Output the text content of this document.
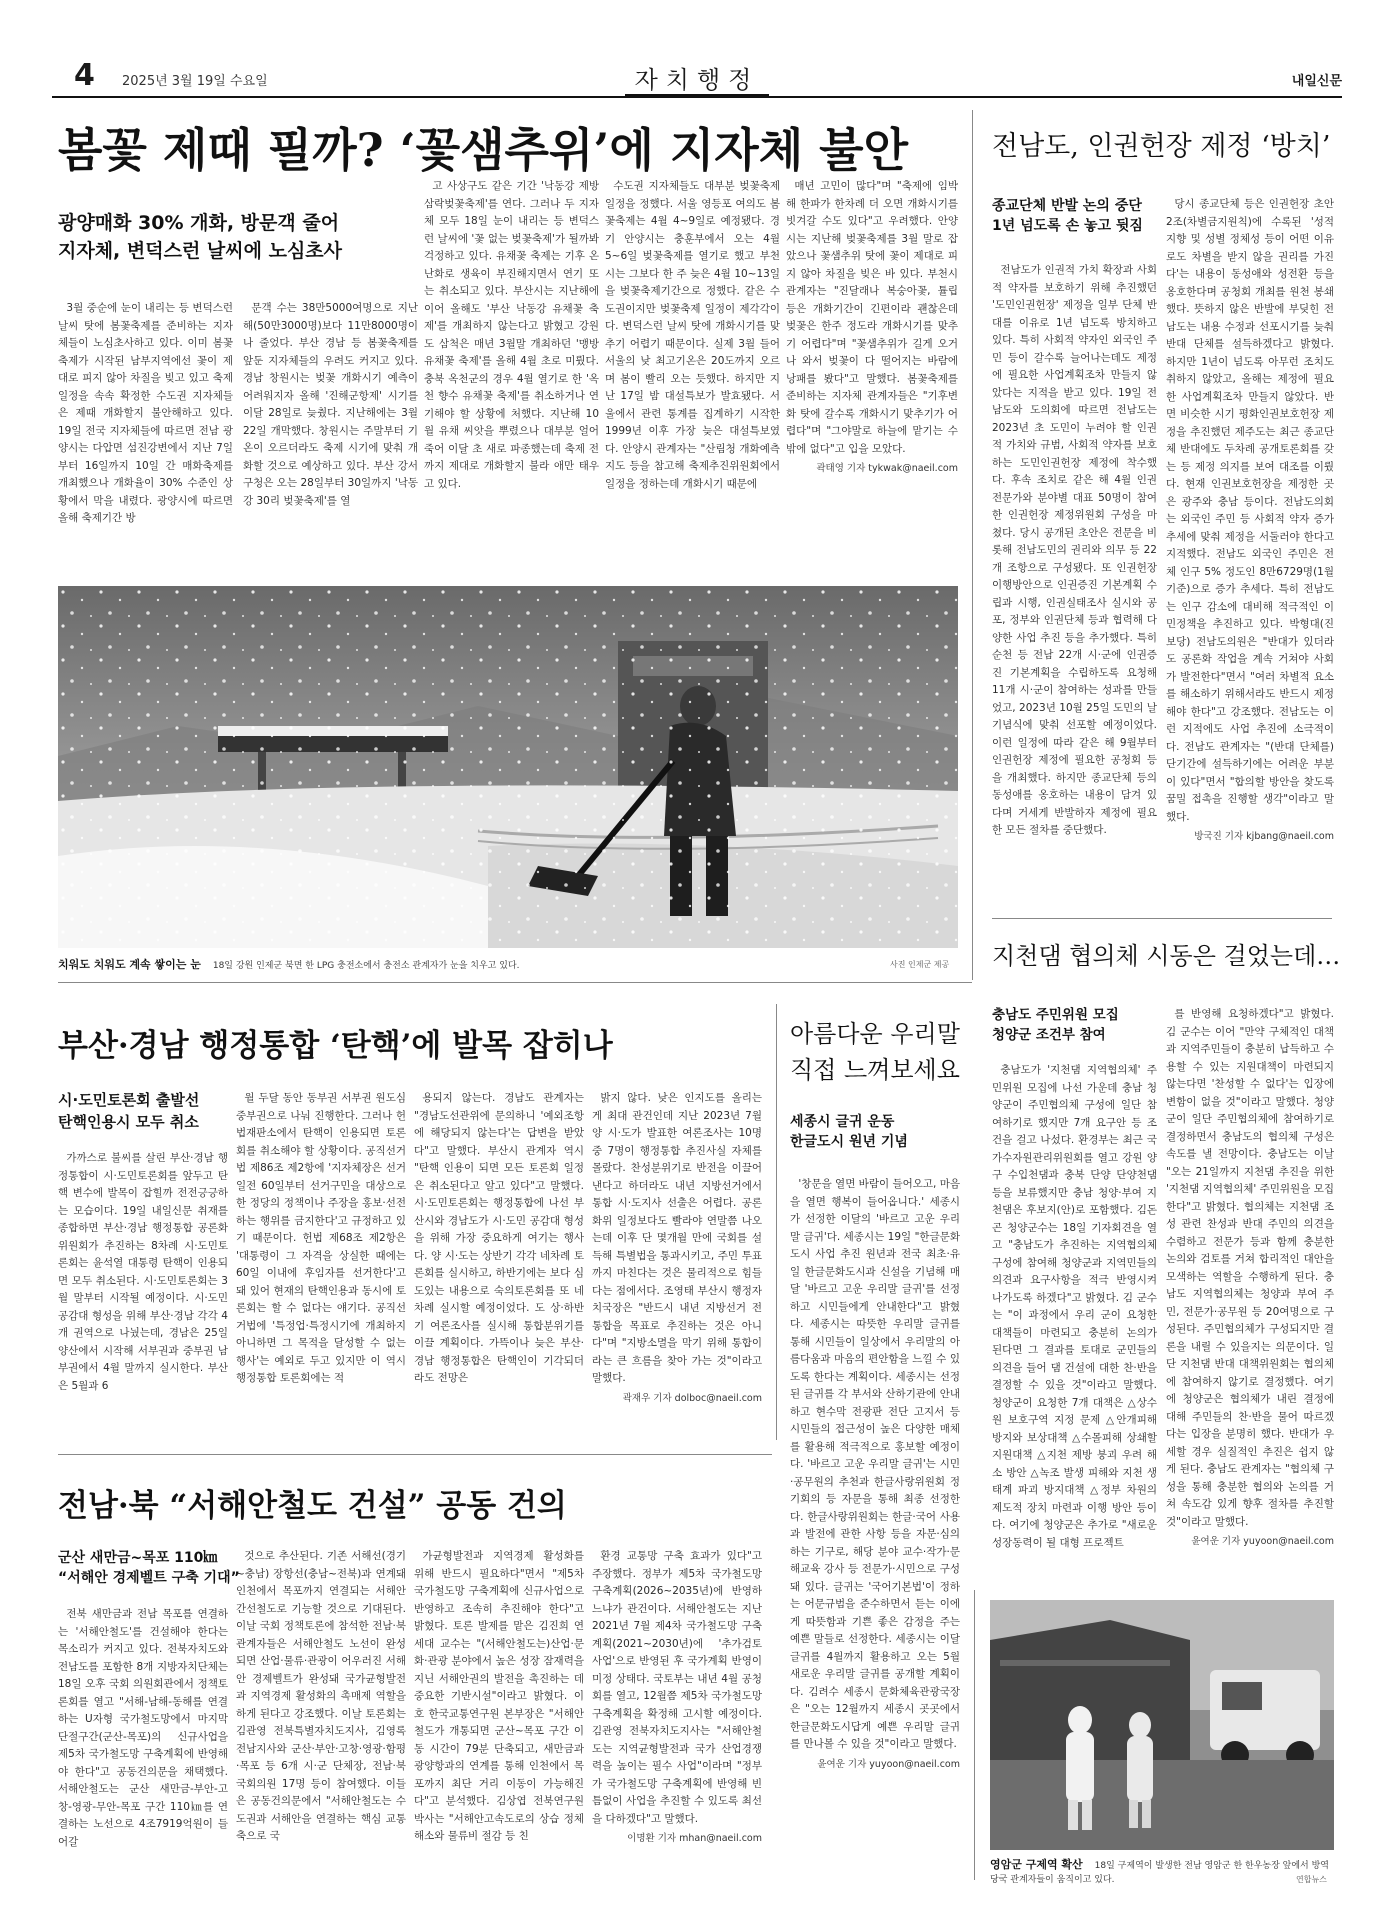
4 2025년 3월 19일 수요일	자치행정	내일신문
봄꽃 제때 필까? ‘꽃샘추위’에 지자체 불안
광양매화 30% 개화, 방문객 줄어
지자체, 변덕스런 날씨에 노심초사

3월 중순에 눈이 내리는 등 변덕스런 날씨 탓에 봄꽃축제를 준비하는 지자체들이 노심초사하고 있다. 이미 봄꽃축제가 시작된 남부지역에선 꽃이 제대로 피지 않아 차질을 빚고 있고 축제 일정을 속속 확정한 수도권 지자체들은 제때 개화할지 불안해하고 있다. 19일 전국 지자체들에 따르면 전남 광양시는 다압면 섬진강변에서 지난 7일부터 16일까지 10일 간 매화축제를 개최했으나 개화율이 30% 수준인 상황에서 막을 내렸다. 광양시에 따르면 올해 축제기간 방

문객 수는 38만5000여명으로 지난해(50만3000명)보다 11만8000명이나 줄었다. 부산 경남 등 봄꽃축제를 앞둔 지자체들의 우려도 커지고 있다. 경남 창원시는 벚꽃 개화시기 예측이 어려워지자 올해 '진해군항제' 시기를 이달 28일로 늦췄다. 지난해에는 3월 22일 개막했다. 창원시는 주말부터 기온이 오르더라도 축제 시기에 맞춰 개화할 것으로 예상하고 있다. 부산 강서구청은 오는 28일부터 30일까지 '낙동강 30리 벚꽃축제'를 열

고 사상구도 같은 기간 '낙동강 제방 삼락벚꽃축제'를 연다. 그러나 두 지자체 모두 18일 눈이 내리는 등 변덕스런 날씨에 '꽃 없는 벚꽃축제'가 될까봐 걱정하고 있다. 유채꽃 축제는 기후 온난화로 생육이 부진해지면서 연기 또는 취소되고 있다. 부산시는 지난해에 이어 올해도 '부산 낙동강 유채꽃 축제'를 개최하지 않는다고 밝혔고 강원도 삼척은 매년 3월말 개최하던 '맹방유채꽃 축제'를 올해 4월 초로 미뤘다. 충북 옥천군의 경우 4월 열기로 한 '옥천 향수 유채꽃 축제'를 취소하거나 연기해야 할 상황에 처했다. 지난해 10월 유채 씨앗을 뿌렸으나 대부분 얼어죽어 이달 초 새로 파종했는데 축제 전까지 제대로 개화할지 불라 애만 태우고 있다.

수도권 지자체들도 대부분 벚꽃축제 일정을 정했다. 서울 영등포 여의도 봄꽃축제는 4월 4~9일로 예정됐다. 경기 안양시는 충훈부에서 오는 4월 5~6일 벚꽃축제를 열기로 했고 부천시는 그보다 한 주 늦은 4월 10~13일을 벚꽃축제기간으로 정했다. 같은 수도권이지만 벚꽃축제 일정이 제각각이다. 변덕스런 날씨 탓에 개화시기를 맞추기 어렵기 때문이다. 실제 3월 들어 서울의 낮 최고기온은 20도까지 오르며 봄이 빨리 오는 듯했다. 하지만 지난 17일 밤 대설특보가 발효됐다. 서울에서 관련 통계를 집계하기 시작한 1999년 이후 가장 늦은 대설특보였다. 안양시 관계자는 "산림청 개화예측지도 등을 참고해 축제추진위원회에서 일정을 정하는데 개화시기 때문에

매년 고민이 많다"며 "축제에 임박해 한파가 한차례 더 오면 개화시기를 빗겨갈 수도 있다"고 우려했다. 안양시는 지난해 벚꽃축제를 3월 말로 잡았으나 꽃샘추위 탓에 꽃이 제대로 피지 않아 차질을 빚은 바 있다. 부천시 관계자는 "진달래나 복숭아꽃, 튤립 등은 개화기간이 긴편이라 괜찮은데 벚꽃은 한주 정도라 개화시기를 맞추기 어렵다"며 "꽃샘추위가 길게 오거나 와서 벚꽃이 다 떨어지는 바람에 낭패를 봤다"고 말했다. 봄꽃축제를 준비하는 지자체 관계자들은 "기후변화 탓에 갈수록 개화시기 맞추기가 어렵다"며 "그야말로 하늘에 맡기는 수밖에 없다"고 입을 모았다.

곽태영 기자 tykwak@naeil.com
치워도 치워도 계속 쌓이는 눈 18일 강원 인제군 북면 한 LPG 충전소에서 충전소 관계자가 눈을 치우고 있다.	사진 인제군 제공
전남도, 인권헌장 제정 ‘방치’
종교단체 반발 논의 중단
1년 넘도록 손 놓고 뒷짐

전남도가 인권적 가치 확장과 사회적 약자를 보호하기 위해 추진했던 '도민인권헌장' 제정을 일부 단체 반대를 이유로 1년 넘도록 방치하고 있다. 특히 사회적 약자인 외국인 주민 등이 갈수록 늘어나는데도 제정에 필요한 사업계획조차 만들지 않았다는 지적을 받고 있다. 19일 전남도와 도의회에 따르면 전남도는 2023년 초 도민이 누려야 할 인권적 가치와 규범, 사회적 약자를 보호하는 도민인권헌장 제정에 착수했다. 후속 조치로 같은 해 4월 인권 전문가와 분야별 대표 50명이 참여한 인권헌장 제정위원회 구성을 마쳤다. 당시 공개된 초안은 전문을 비롯해 전남도민의 권리와 의무 등 22개 조항으로 구성됐다. 또 인권헌장 이행방안으로 인권증진 기본계획 수립과 시행, 인권실태조사 실시와 공포, 정부와 인권단체 등과 협력해 다양한 사업 추진 등을 추가했다. 특히 순천 등 전남 22개 시·군에 인권증진 기본계획을 수립하도록 요청해 11개 시·군이 참여하는 성과를 만들었고, 2023년 10월 25일 도민의 날 기념식에 맞춰 선포할 예정이었다. 이런 일정에 따라 같은 해 9월부터 인권헌장 제정에 필요한 공청회 등을 개최했다. 하지만 종교단체 등의 동성애를 옹호하는 내용이 담겨 있다며 거세게 반발하자 제정에 필요한 모든 절차를 중단했다.

당시 종교단체 등은 인권헌장 초안 2조(차별금지원칙)에 수록된 '성적 지향 및 성별 정체성 등이 어떤 이유로도 차별을 받지 않을 권리를 가진다'는 내용이 동성애와 성전환 등을 옹호한다며 공청회 개최를 원천 봉쇄했다. 뜻하지 않은 반발에 부딪힌 전남도는 내용 수정과 선포시기를 늦춰 반대 단체를 설득하겠다고 밝혔다. 하지만 1년이 넘도록 아무런 조치도 취하지 않았고, 올해는 제정에 필요한 사업계획조차 만들지 않았다. 반면 비슷한 시기 평화인권보호헌장 제정을 추진했던 제주도는 최근 종교단체 반대에도 두차례 공개토론회를 갖는 등 제정 의지를 보여 대조를 이뤘다. 현재 인권보호헌장을 제정한 곳은 광주와 충남 등이다. 전남도의회는 외국인 주민 등 사회적 약자 증가 추세에 맞춰 제정을 서둘러야 한다고 지적했다. 전남도 외국인 주민은 전체 인구 5% 정도인 8만6729명(1월 기준)으로 증가 추세다. 특히 전남도는 인구 감소에 대비해 적극적인 이민정책을 추진하고 있다. 박형대(진보당) 전남도의원은 "반대가 있더라도 공론화 작업을 계속 거쳐야 사회가 발전한다"면서 "여러 차별적 요소를 해소하기 위해서라도 반드시 제정해야 한다"고 강조했다. 전남도는 이런 지적에도 사업 추진에 소극적이다. 전남도 관계자는 "(반대 단체를) 단기간에 설득하기에는 어려운 부분이 있다"면서 "합의할 방안을 찾도록 꿈밀 접촉을 진행할 생각"이라고 말했다.

방국진 기자 kjbang@naeil.com
지천댐 협의체 시동은 걸었는데…
충남도 주민위원 모집
청양군 조건부 참여

충남도가 '지천댐 지역협의체' 주민위원 모집에 나선 가운데 충남 청양군이 주민협의체 구성에 일단 참여하기로 했지만 7개 요구안 등 조건을 걸고 나섰다. 환경부는 최근 국가수자원관리위원회를 열고 강원 양구 수입천댐과 충북 단양 단양천댐 등을 보류했지만 충남 청양·부여 지천댐은 후보지(안)로 포함했다. 김돈곤 청양군수는 18일 기자회견을 열고 "충남도가 추진하는 지역협의체 구성에 참여해 청양군과 지역민들의 의견과 요구사항을 적극 반영시켜 나가도록 하겠다"고 밝혔다. 김 군수는 "이 과정에서 우리 군이 요청한 대책들이 마련되고 충분히 논의가 된다면 그 결과를 토대로 군민들의 의견을 들어 댐 건설에 대한 찬·반을 결정할 수 있을 것"이라고 말했다. 청양군이 요청한 7개 대책은 △상수원 보호구역 지정 문제 △안개피해 방지와 보상대책 △수몰피해 상쇄할 지원대책 △지천 제방 붕괴 우려 해소 방안 △녹조 발생 피해와 지천 생태계 파괴 방지대책 △정부 차원의 제도적 장치 마련과 이행 방안 등이다. 여기에 청양군은 추가로 "새로운 성장동력이 될 대형 프로젝트

를 반영해 요청하겠다"고 밝혔다. 김 군수는 이어 "만약 구체적인 대책과 지역주민들이 충분히 납득하고 수용할 수 있는 지원대책이 마련되지 않는다면 '찬성할 수 없다'는 입장에 변함이 없을 것"이라고 말했다. 청양군이 일단 주민협의체에 참여하기로 결정하면서 충남도의 협의체 구성은 속도를 낼 전망이다. 충남도는 이날 "오는 21일까지 지천댐 추진을 위한 '지천댐 지역협의체' 주민위원을 모집한다"고 밝혔다. 협의체는 지천댐 조성 관련 찬성과 반대 주민의 의견을 수렴하고 전문가 등과 함께 충분한 논의와 검토를 거쳐 합리적인 대안을 모색하는 역할을 수행하게 된다. 충남도 지역협의체는 청양과 부여 주민, 전문가·공무원 등 20여명으로 구성된다. 주민협의체가 구성되지만 결론을 내릴 수 있을지는 의문이다. 일단 지천댐 반대 대책위원회는 협의체에 참여하지 않기로 결정했다. 여기에 청양군은 협의체가 내린 결정에 대해 주민들의 찬·반을 물어 따르겠다는 입장을 분명히 했다. 반대가 우세할 경우 실질적인 추진은 쉽지 않게 된다. 충남도 관계자는 "협의체 구성을 통해 충분한 협의와 논의를 거쳐 속도감 있게 향후 절차를 추진할 것"이라고 말했다.

윤여운 기자 yuyoon@naeil.com
부산·경남 행정통합 ‘탄핵’에 발목 잡히나
시·도민토론회 출발선
탄핵인용시 모두 취소

가까스로 불씨를 살린 부산·경남 행정통합이 시·도민토론회를 앞두고 탄핵 변수에 발목이 잡힐까 전전긍긍하는 모습이다. 19일 내일신문 취재를 종합하면 부산·경남 행정통합 공론화위원회가 추진하는 8차례 시·도민토론회는 윤석열 대통령 탄핵이 인용되면 모두 취소된다. 시·도민토론회는 3월 말부터 시작될 예정이다. 시·도민 공감대 형성을 위해 부산·경남 각각 4개 권역으로 나눴는데, 경남은 25일 양산에서 시작해 서부권과 중부권 남부권에서 4월 말까지 실시한다. 부산은 5월과 6

월 두달 동안 동부권 서부권 원도심 중부권으로 나눠 진행한다. 그러나 헌법재판소에서 탄핵이 인용되면 토론회를 취소해야 할 상황이다. 공직선거법 제86조 제2항에 '지자체장은 선거일전 60일부터 선거구민을 대상으로 한 정당의 정책이나 주장을 홍보·선전하는 행위를 금지한다'고 규정하고 있기 때문이다. 헌법 제68조 제2항은 '대통령이 그 자격을 상실한 때에는 60일 이내에 후임자를 선거한다'고 돼 있어 현재의 탄핵인용과 동시에 토론회는 할 수 없다는 얘기다. 공직선거법에 '특정업·특정시기에 개최하지 아니하면 그 목적을 달성할 수 없는 행사'는 예외로 두고 있지만 이 역시 행정통합 토론회에는 적

용되지 않는다. 경남도 관계자는 "경남도선관위에 문의하니 '예외조항에 해당되지 않는다'는 답변을 받았다"고 말했다. 부산시 관계자 역시 "탄핵 인용이 되면 모든 토론회 일정은 취소된다고 알고 있다"고 말했다. 시·도민토론회는 행정통합에 나선 부산시와 경남도가 시·도민 공감대 형성을 위해 가장 중요하게 여기는 행사다. 양 시·도는 상반기 각각 네차례 토론회를 실시하고, 하반기에는 보다 심도있는 내용으로 숙의토론회를 또 네차례 실시할 예정이었다. 도 상·하반기 여론조사를 실시해 통합분위기를 이끌 계획이다. 가뜩이나 늦은 부산·경남 행정통합은 탄핵인이 기각되더라도 전망은

밝지 않다. 낮은 인지도를 올리는 게 최대 관건인데 지난 2023년 7월 양 시·도가 발표한 여론조사는 10명 중 7명이 행정통합 추진사실 자체를 몰랐다. 찬성분위기로 반전을 이끌어 낸다고 하더라도 내년 지방선거에서 통합 시·도지사 선출은 어렵다. 공론화위 일정보다도 빨라야 연말쯤 나오는데 이후 단 몇개월 만에 국회를 설득해 특별법을 통과시키고, 주민 투표까지 마친다는 것은 물리적으로 힘들다는 점에서다. 조영태 부산시 행정자치국장은 "반드시 내년 지방선거 전 통합을 목표로 추진하는 것은 아니다"며 "지방소멸을 막기 위해 통합이라는 큰 흐름을 찾아 가는 것"이라고 말했다.

곽재우 기자 dolboc@naeil.com
아름다운 우리말
직접 느껴보세요
세종시 글귀 운동
한글도시 원년 기념

'창문을 열면 바람이 들어오고, 마음을 열면 행복이 들어옵니다.' 세종시가 선정한 이달의 '바르고 고운 우리말 글귀'다. 세종시는 19일 "한글문화도시 사업 추진 원년과 전국 최초·유일 한글문화도시과 신설을 기념해 매달 '바르고 고운 우리말 글귀'를 선정하고 시민들에게 안내한다"고 밝혔다. 세종시는 따뜻한 우리말 글귀를 통해 시민들이 일상에서 우리말의 아름다움과 마음의 편안함을 느낄 수 있도록 한다는 계획이다. 세종시는 선정된 글귀를 각 부서와 산하기관에 안내하고 현수막 전광판 전단 고지서 등 시민들의 접근성이 높은 다양한 매체를 활용해 적극적으로 홍보할 예정이다. '바르고 고운 우리말 글귀'는 시민·공무원의 추천과 한글사랑위원회 정기회의 등 자문을 통해 최종 선정한다. 한글사랑위원회는 한글·국어 사용과 발전에 관한 사항 등을 자문·심의하는 기구로, 해당 분야 교수·작가·문해교육 강사 등 전문가·시민으로 구성돼 있다. 글귀는 '국어기본법'이 정하는 어문규범을 준수하면서 듣는 이에게 따뜻함과 기쁜 좋은 감정을 주는 예쁜 말들로 선정한다. 세종시는 이달 글귀를 4월까지 활용하고 오는 5월 새로운 우리말 글귀를 공개할 계획이다. 김려수 세종시 문화체육관광국장은 "오는 12월까지 세종시 곳곳에서 한글문화도시답게 예쁜 우리말 글귀를 만나볼 수 있을 것"이라고 말했다.

윤여운 기자 yuyoon@naeil.com
전남·북 “서해안철도 건설” 공동 건의
군산 새만금~목포 110㎞
“서해안 경제벨트 구축 기대”

전북 새만금과 전남 목포를 연결하는 '서해안철도'를 건설해야 한다는 목소리가 커지고 있다. 전북자치도와 전남도를 포함한 8개 지방자치단체는 18일 오후 국회 의원회관에서 정책토론회를 열고 "서해-남해-동해를 연결하는 U자형 국가철도망에서 마지막 단절구간(군산-목포)의 신규사업을 제5차 국가철도망 구축계획에 반영해야 한다"고 공동건의문을 채택했다. 서해안철도는 군산 새만금-부안-고창-영광-무안-목포 구간 110㎞를 연결하는 노선으로 4조7919억원이 들어갈

것으로 추산된다. 기존 서해선(경기~충남) 장항선(충남~전북)과 연계돼 인천에서 목포까지 연결되는 서해안 간선철도로 기능할 것으로 기대된다. 이날 국회 정책토론에 참석한 전남·북 관계자들은 서해안철도 노선이 완성되면 산업·물류·관광이 어우러진 서해안 경제벨트가 완성돼 국가균형발전과 지역경제 활성화의 촉매제 역할을 하게 된다고 강조했다. 이날 토론회는 김관영 전북특별자치도지사, 김영록 전남지사와 군산·부안·고창·영광·함평·목포 등 6개 시·군 단체장, 전남·북 국회의원 17명 등이 참여했다. 이들은 공동건의문에서 "서해안철도는 수도권과 서해안을 연결하는 핵심 교통축으로 국

가균형발전과 지역경제 활성화를 위해 반드시 필요하다"면서 "제5차 국가철도망 구축계획에 신규사업으로 반영하고 조속히 추진해야 한다"고 밝혔다. 토론 발제를 맡은 김진희 연세대 교수는 "(서해안철도는)산업·문화·관광 분야에서 높은 성장 잠재력을 지닌 서해안권의 발전을 촉진하는 데 중요한 기반시설"이라고 밝혔다. 이 호 한국교통연구원 본부장은 "서해안철도가 개통되면 군산~목포 구간 이동 시간이 79분 단축되고, 새만금과 광양항과의 연계를 통해 인천에서 목포까지 최단 거리 이동이 가능해진다"고 분석했다. 김상엽 전북연구원 박사는 "서해안고속도로의 상습 정체 해소와 물류비 절감 등 친

환경 교통망 구축 효과가 있다"고 주장했다. 정부가 제5차 국가철도망 구축계획(2026~2035년)에 반영하느냐가 관건이다. 서해안철도는 지난 2021년 7월 제4차 국가철도망 구축계획(2021~2030년)에 '추가검토 사업'으로 반영된 후 국가계획 반영이 미정 상태다. 국토부는 내년 4월 공청회를 열고, 12월쯤 제5차 국가철도망 구축계획을 확정해 고시할 예정이다. 김관영 전북자치도지사는 "서해안철도는 지역균형발전과 국가 산업경쟁력을 높이는 필수 사업"이라며 "정부가 국가철도망 구축계획에 반영해 빈틈없이 사업을 추진할 수 있도록 최선을 다하겠다"고 말했다.

이명환 기자 mhan@naeil.com
영암군 구제역 확산 18일 구제역이 발생한 전남 영암군 한 한우농장 앞에서 방역당국 관계자들이 움직이고 있다.	연합뉴스
